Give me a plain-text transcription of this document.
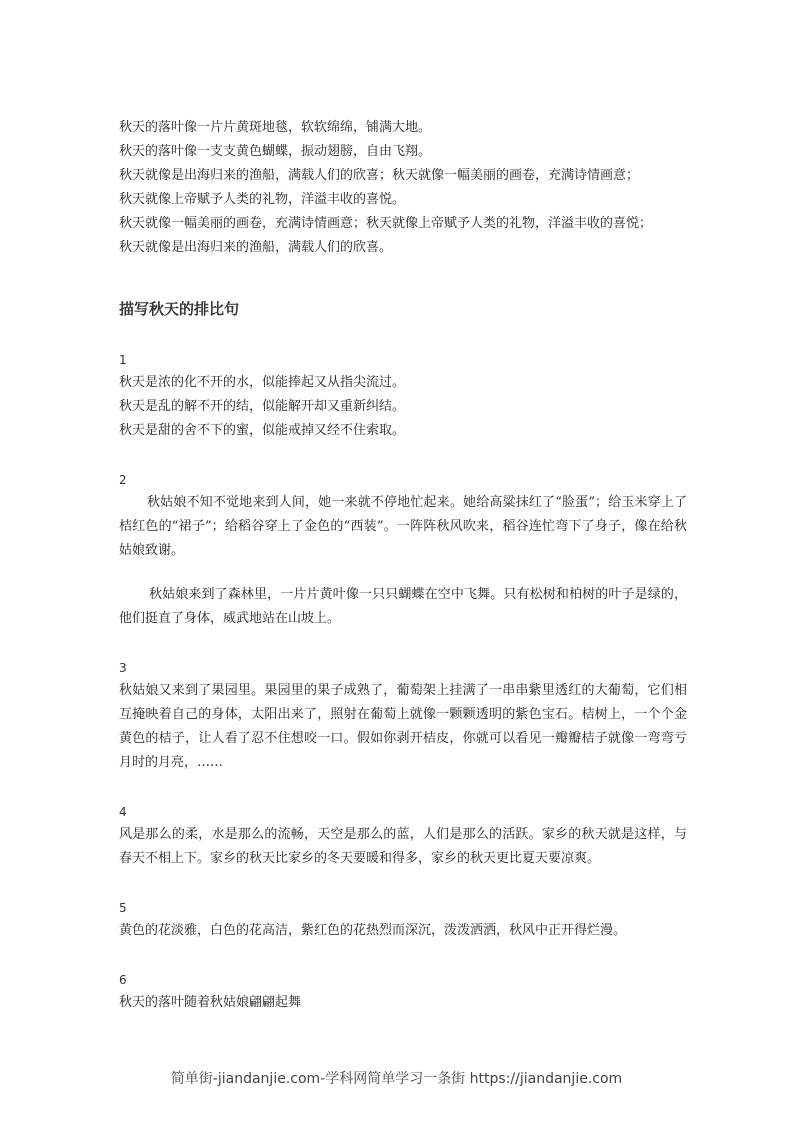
秋天的落叶像一片片黄斑地毯，软软绵绵，铺满大地。

秋天的落叶像一支支黄色蝴蝶，振动翅膀，自由飞翔。

秋天就像是出海归来的渔船，满载人们的欣喜；秋天就像一幅美丽的画卷，充满诗情画意；

秋天就像上帝赋予人类的礼物，洋溢丰收的喜悦。

秋天就像一幅美丽的画卷，充满诗情画意；秋天就像上帝赋予人类的礼物，洋溢丰收的喜悦；

秋天就像是出海归来的渔船，满载人们的欣喜。

描写秋天的排比句

1

秋天是浓的化不开的水，似能捧起又从指尖流过。

秋天是乱的解不开的结，似能解开却又重新纠结。

秋天是甜的舍不下的蜜，似能戒掉又经不住索取。

2

秋姑娘不知不觉地来到人间，她一来就不停地忙起来。她给高粱抹红了“脸蛋”；给玉米穿上了桔红色的“裙子”；给稻谷穿上了金色的“西装”。一阵阵秋风吹来，稻谷连忙弯下了身子，像在给秋姑娘致谢。

秋姑娘来到了森林里，一片片黄叶像一只只蝴蝶在空中飞舞。只有松树和柏树的叶子是绿的，他们挺直了身体，威武地站在山坡上。

3

秋姑娘又来到了果园里。果园里的果子成熟了，葡萄架上挂满了一串串紫里透红的大葡萄，它们相互掩映着自己的身体，太阳出来了，照射在葡萄上就像一颗颗透明的紫色宝石。桔树上，一个个金黄色的桔子，让人看了忍不住想咬一口。假如你剥开桔皮，你就可以看见一瓣瓣桔子就像一弯弯亏月时的月亮，……

4

风是那么的柔，水是那么的流畅，天空是那么的蓝，人们是那么的活跃。家乡的秋天就是这样，与春天不相上下。家乡的秋天比家乡的冬天要暖和得多，家乡的秋天更比夏天要凉爽。

5

黄色的花淡雅，白色的花高洁，紫红色的花热烈而深沉，泼泼洒洒，秋风中正开得烂漫。

6

秋天的落叶随着秋姑娘翩翩起舞

简单街-jiandanjie.com-学科网简单学习一条街 https://jiandanjie.com
